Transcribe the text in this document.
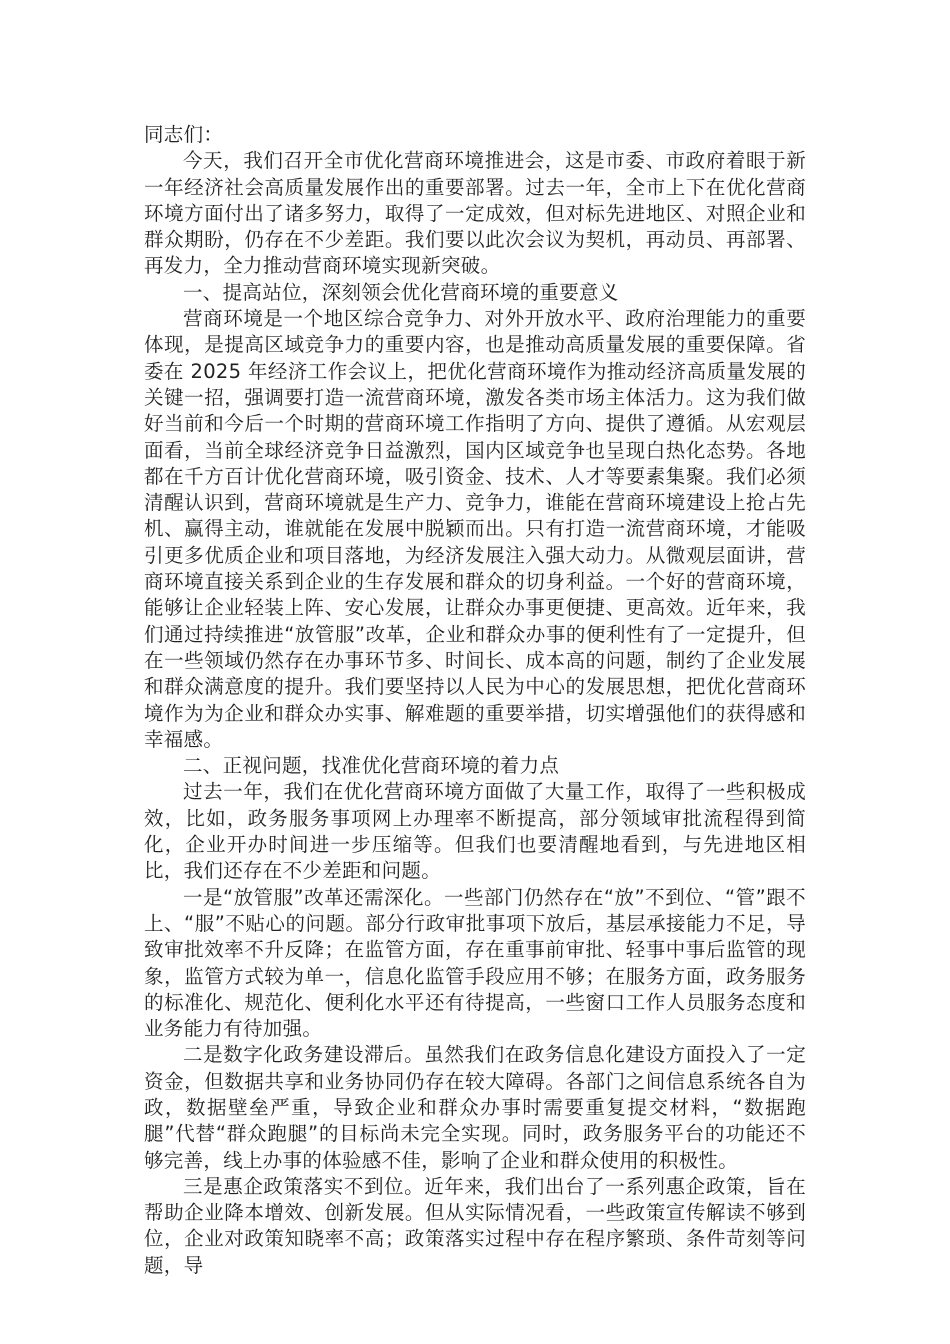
同志们：

今天，我们召开全市优化营商环境推进会，这是市委、市政府着眼于新一年经济社会高质量发展作出的重要部署。过去一年，全市上下在优化营商环境方面付出了诸多努力，取得了一定成效，但对标先进地区、对照企业和群众期盼，仍存在不少差距。我们要以此次会议为契机，再动员、再部署、再发力，全力推动营商环境实现新突破。

一、提高站位，深刻领会优化营商环境的重要意义

营商环境是一个地区综合竞争力、对外开放水平、政府治理能力的重要体现，是提高区域竞争力的重要内容，也是推动高质量发展的重要保障。省委在 2025 年经济工作会议上，把优化营商环境作为推动经济高质量发展的关键一招，强调要打造一流营商环境，激发各类市场主体活力。这为我们做好当前和今后一个时期的营商环境工作指明了方向、提供了遵循。从宏观层面看，当前全球经济竞争日益激烈，国内区域竞争也呈现白热化态势。各地都在千方百计优化营商环境，吸引资金、技术、人才等要素集聚。我们必须清醒认识到，营商环境就是生产力、竞争力，谁能在营商环境建设上抢占先机、赢得主动，谁就能在发展中脱颖而出。只有打造一流营商环境，才能吸引更多优质企业和项目落地，为经济发展注入强大动力。从微观层面讲，营商环境直接关系到企业的生存发展和群众的切身利益。一个好的营商环境，能够让企业轻装上阵、安心发展，让群众办事更便捷、更高效。近年来，我们通过持续推进“放管服”改革，企业和群众办事的便利性有了一定提升，但在一些领域仍然存在办事环节多、时间长、成本高的问题，制约了企业发展和群众满意度的提升。我们要坚持以人民为中心的发展思想，把优化营商环境作为为企业和群众办实事、解难题的重要举措，切实增强他们的获得感和幸福感。

二、正视问题，找准优化营商环境的着力点

过去一年，我们在优化营商环境方面做了大量工作，取得了一些积极成效，比如，政务服务事项网上办理率不断提高，部分领域审批流程得到简化，企业开办时间进一步压缩等。但我们也要清醒地看到，与先进地区相比，我们还存在不少差距和问题。

一是“放管服”改革还需深化。一些部门仍然存在“放”不到位、“管”跟不上、“服”不贴心的问题。部分行政审批事项下放后，基层承接能力不足，导致审批效率不升反降；在监管方面，存在重事前审批、轻事中事后监管的现象，监管方式较为单一，信息化监管手段应用不够；在服务方面，政务服务的标准化、规范化、便利化水平还有待提高，一些窗口工作人员服务态度和业务能力有待加强。

二是数字化政务建设滞后。虽然我们在政务信息化建设方面投入了一定资金，但数据共享和业务协同仍存在较大障碍。各部门之间信息系统各自为政，数据壁垒严重，导致企业和群众办事时需要重复提交材料，“数据跑腿”代替“群众跑腿”的目标尚未完全实现。同时，政务服务平台的功能还不够完善，线上办事的体验感不佳，影响了企业和群众使用的积极性。

三是惠企政策落实不到位。近年来，我们出台了一系列惠企政策，旨在帮助企业降本增效、创新发展。但从实际情况看，一些政策宣传解读不够到位，企业对政策知晓率不高；政策落实过程中存在程序繁琐、条件苛刻等问题，导
